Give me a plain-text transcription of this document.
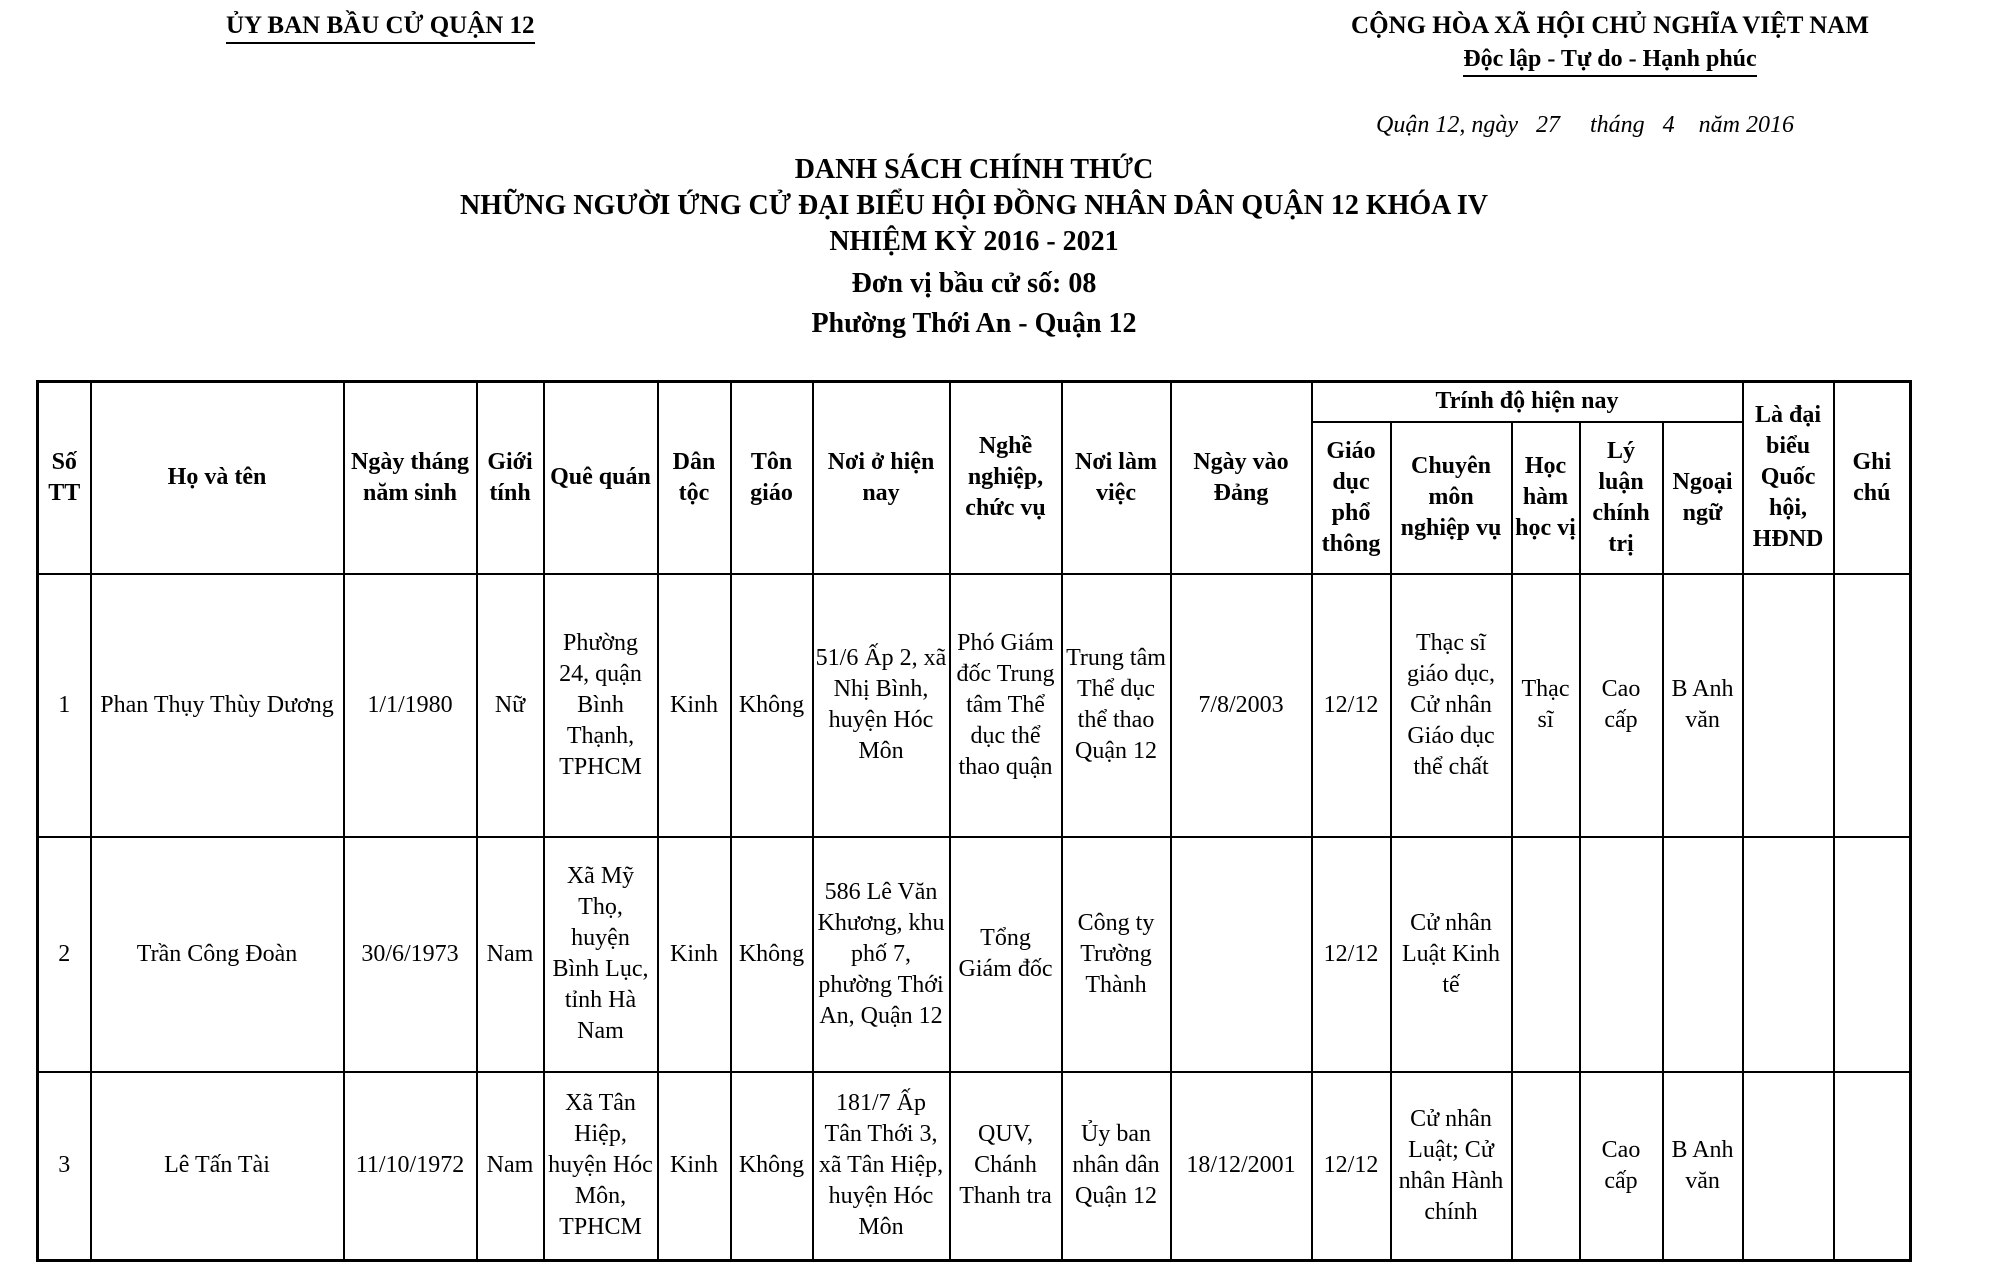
ỦY BAN BẦU CỬ QUẬN 12	CỘNG HÒA XÃ HỘI CHỦ NGHĨA VIỆT NAM
Độc lập - Tự do - Hạnh phúc
Quận 12, ngày   27     tháng   4    năm 2016
DANH SÁCH CHÍNH THỨC
NHỮNG NGƯỜI ỨNG CỬ ĐẠI BIỂU HỘI ĐỒNG NHÂN DÂN QUẬN 12 KHÓA IV
NHIỆM KỲ 2016 - 2021
Đơn vị bầu cử số: 08
Phường Thới An - Quận 12
Số TT	Họ và tên	Ngày tháng năm sinh	Giới tính	Quê quán	Dân tộc	Tôn giáo	Nơi ở hiện nay	Nghề nghiệp, chức vụ	Nơi làm việc	Ngày vào Đảng	Trính độ hiện nay					Là đại biểu Quốc hội, HĐND	Ghi chú
											Giáo dục phổ thông	Chuyên môn nghiệp vụ	Học hàm học vị	Lý luận chính trị	Ngoại ngữ		
1	Phan Thụy Thùy Dương	1/1/1980	Nữ	Phường 24, quận Bình Thạnh, TPHCM	Kinh	Không	51/6 Ấp 2, xã Nhị Bình, huyện Hóc Môn	Phó Giám đốc Trung tâm Thể dục thể thao quận	Trung tâm Thể dục thể thao Quận 12	7/8/2003	12/12	Thạc sĩ giáo dục, Cử nhân Giáo dục thể chất	Thạc sĩ	Cao cấp	B Anh văn		
2	Trần Công Đoàn	30/6/1973	Nam	Xã Mỹ Thọ, huyện Bình Lục, tỉnh Hà Nam	Kinh	Không	586 Lê Văn Khương, khu phố 7, phường Thới An, Quận 12	Tổng Giám đốc	Công ty Trường Thành		12/12	Cử nhân Luật Kinh tế					
3	Lê Tấn Tài	11/10/1972	Nam	Xã Tân Hiệp, huyện Hóc Môn, TPHCM	Kinh	Không	181/7 Ấp Tân Thới 3, xã Tân Hiệp, huyện Hóc Môn	QUV, Chánh Thanh tra	Ủy ban nhân dân Quận 12	18/12/2001	12/12	Cử nhân Luật; Cử nhân Hành chính		Cao cấp	B Anh văn		
